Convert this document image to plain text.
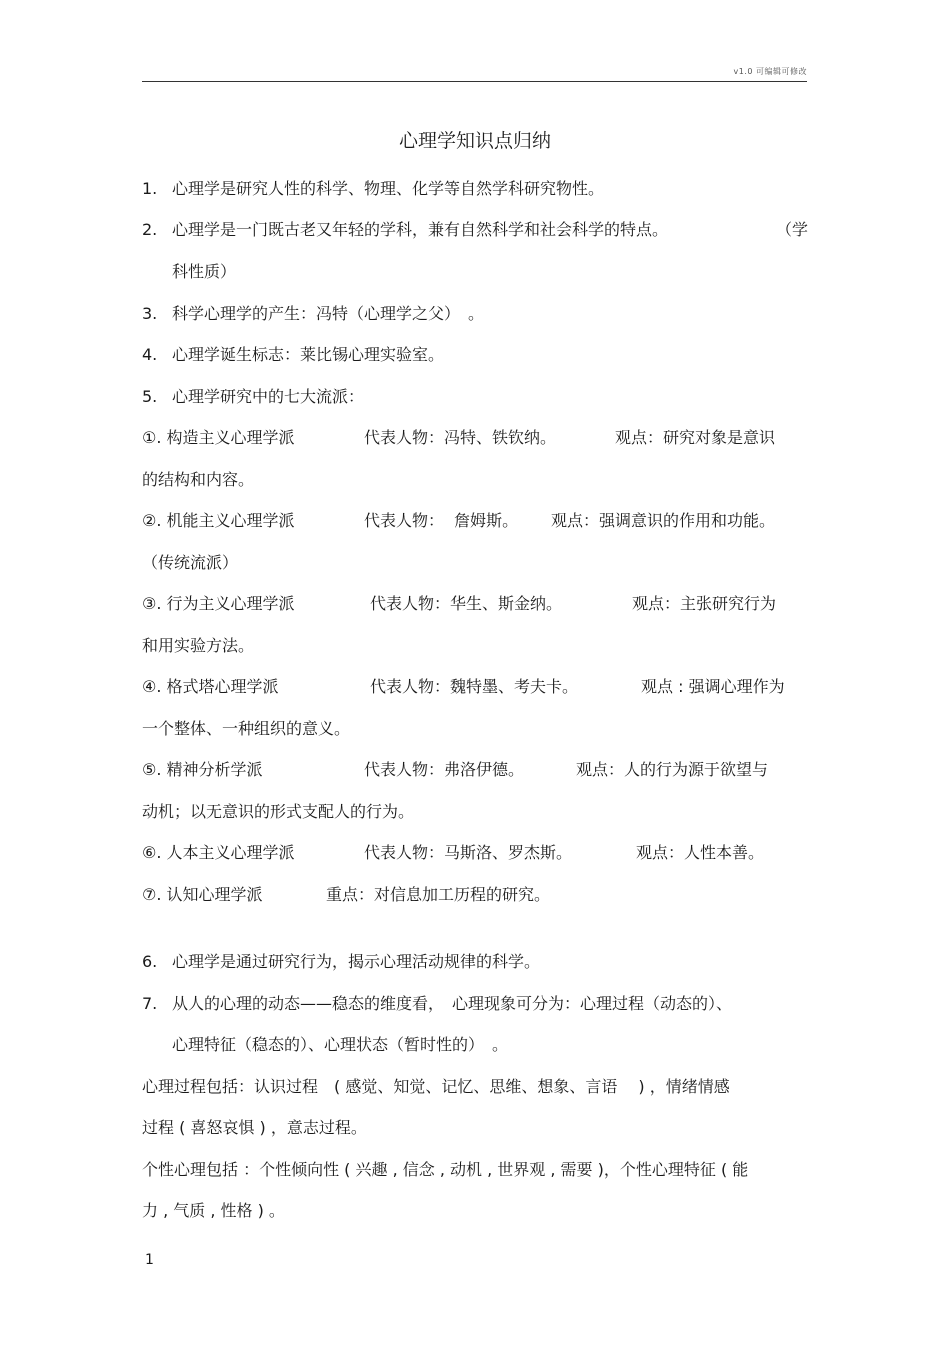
v1.0 可编辑可修改
心理学知识点归纳
1. 心理学是研究人性的科学、物理、化学等自然学科研究物性。
2. 心理学是一门既古老又年轻的学科，兼有自然科学和社会科学的特点。	（学
科性质）
3. 科学心理学的产生：冯特（心理学之父）　。
4. 心理学诞生标志：莱比锡心理实验室。
5. 心理学研究中的七大流派：
①. 构造主义心理学派	代表人物：冯特、铁钦纳。	观点：研究对象是意识
的结构和内容。
②. 机能主义心理学派	代表人物：  詹姆斯。 观点：强调意识的作用和功能。
（传统流派）
③. 行为主义心理学派	代表人物：华生、斯金纳。	观点：主张研究行为
和用实验方法。
④. 格式塔心理学派	代表人物：魏特墨、考夫卡。	观点 : 强调心理作为
一个整体、一种组织的意义。
⑤. 精神分析学派	代表人物：弗洛伊德。	观点：人的行为源于欲望与
动机；以无意识的形式支配人的行为。
⑥. 人本主义心理学派	代表人物：马斯洛、罗杰斯。	观点：人性本善。
⑦. 认知心理学派	重点：对信息加工历程的研究。
6. 心理学是通过研究行为，揭示心理活动规律的科学。
7. 从人的心理的动态——稳态的维度看，　心理现象可分为：心理过程（动态的）、
心理特征（稳态的）、心理状态（暂时性的）　。
心理过程包括：认识过程　( 感觉、知觉、记忆、思维、想象、言语　 ) ，情绪情感
过程 ( 喜怒哀惧 ) ，意志过程。
个性心理包括 ：个性倾向性 ( 兴趣 , 信念 , 动机 , 世界观 , 需要 )，个性心理特征 ( 能
力 , 气质 , 性格 ) 。
1
